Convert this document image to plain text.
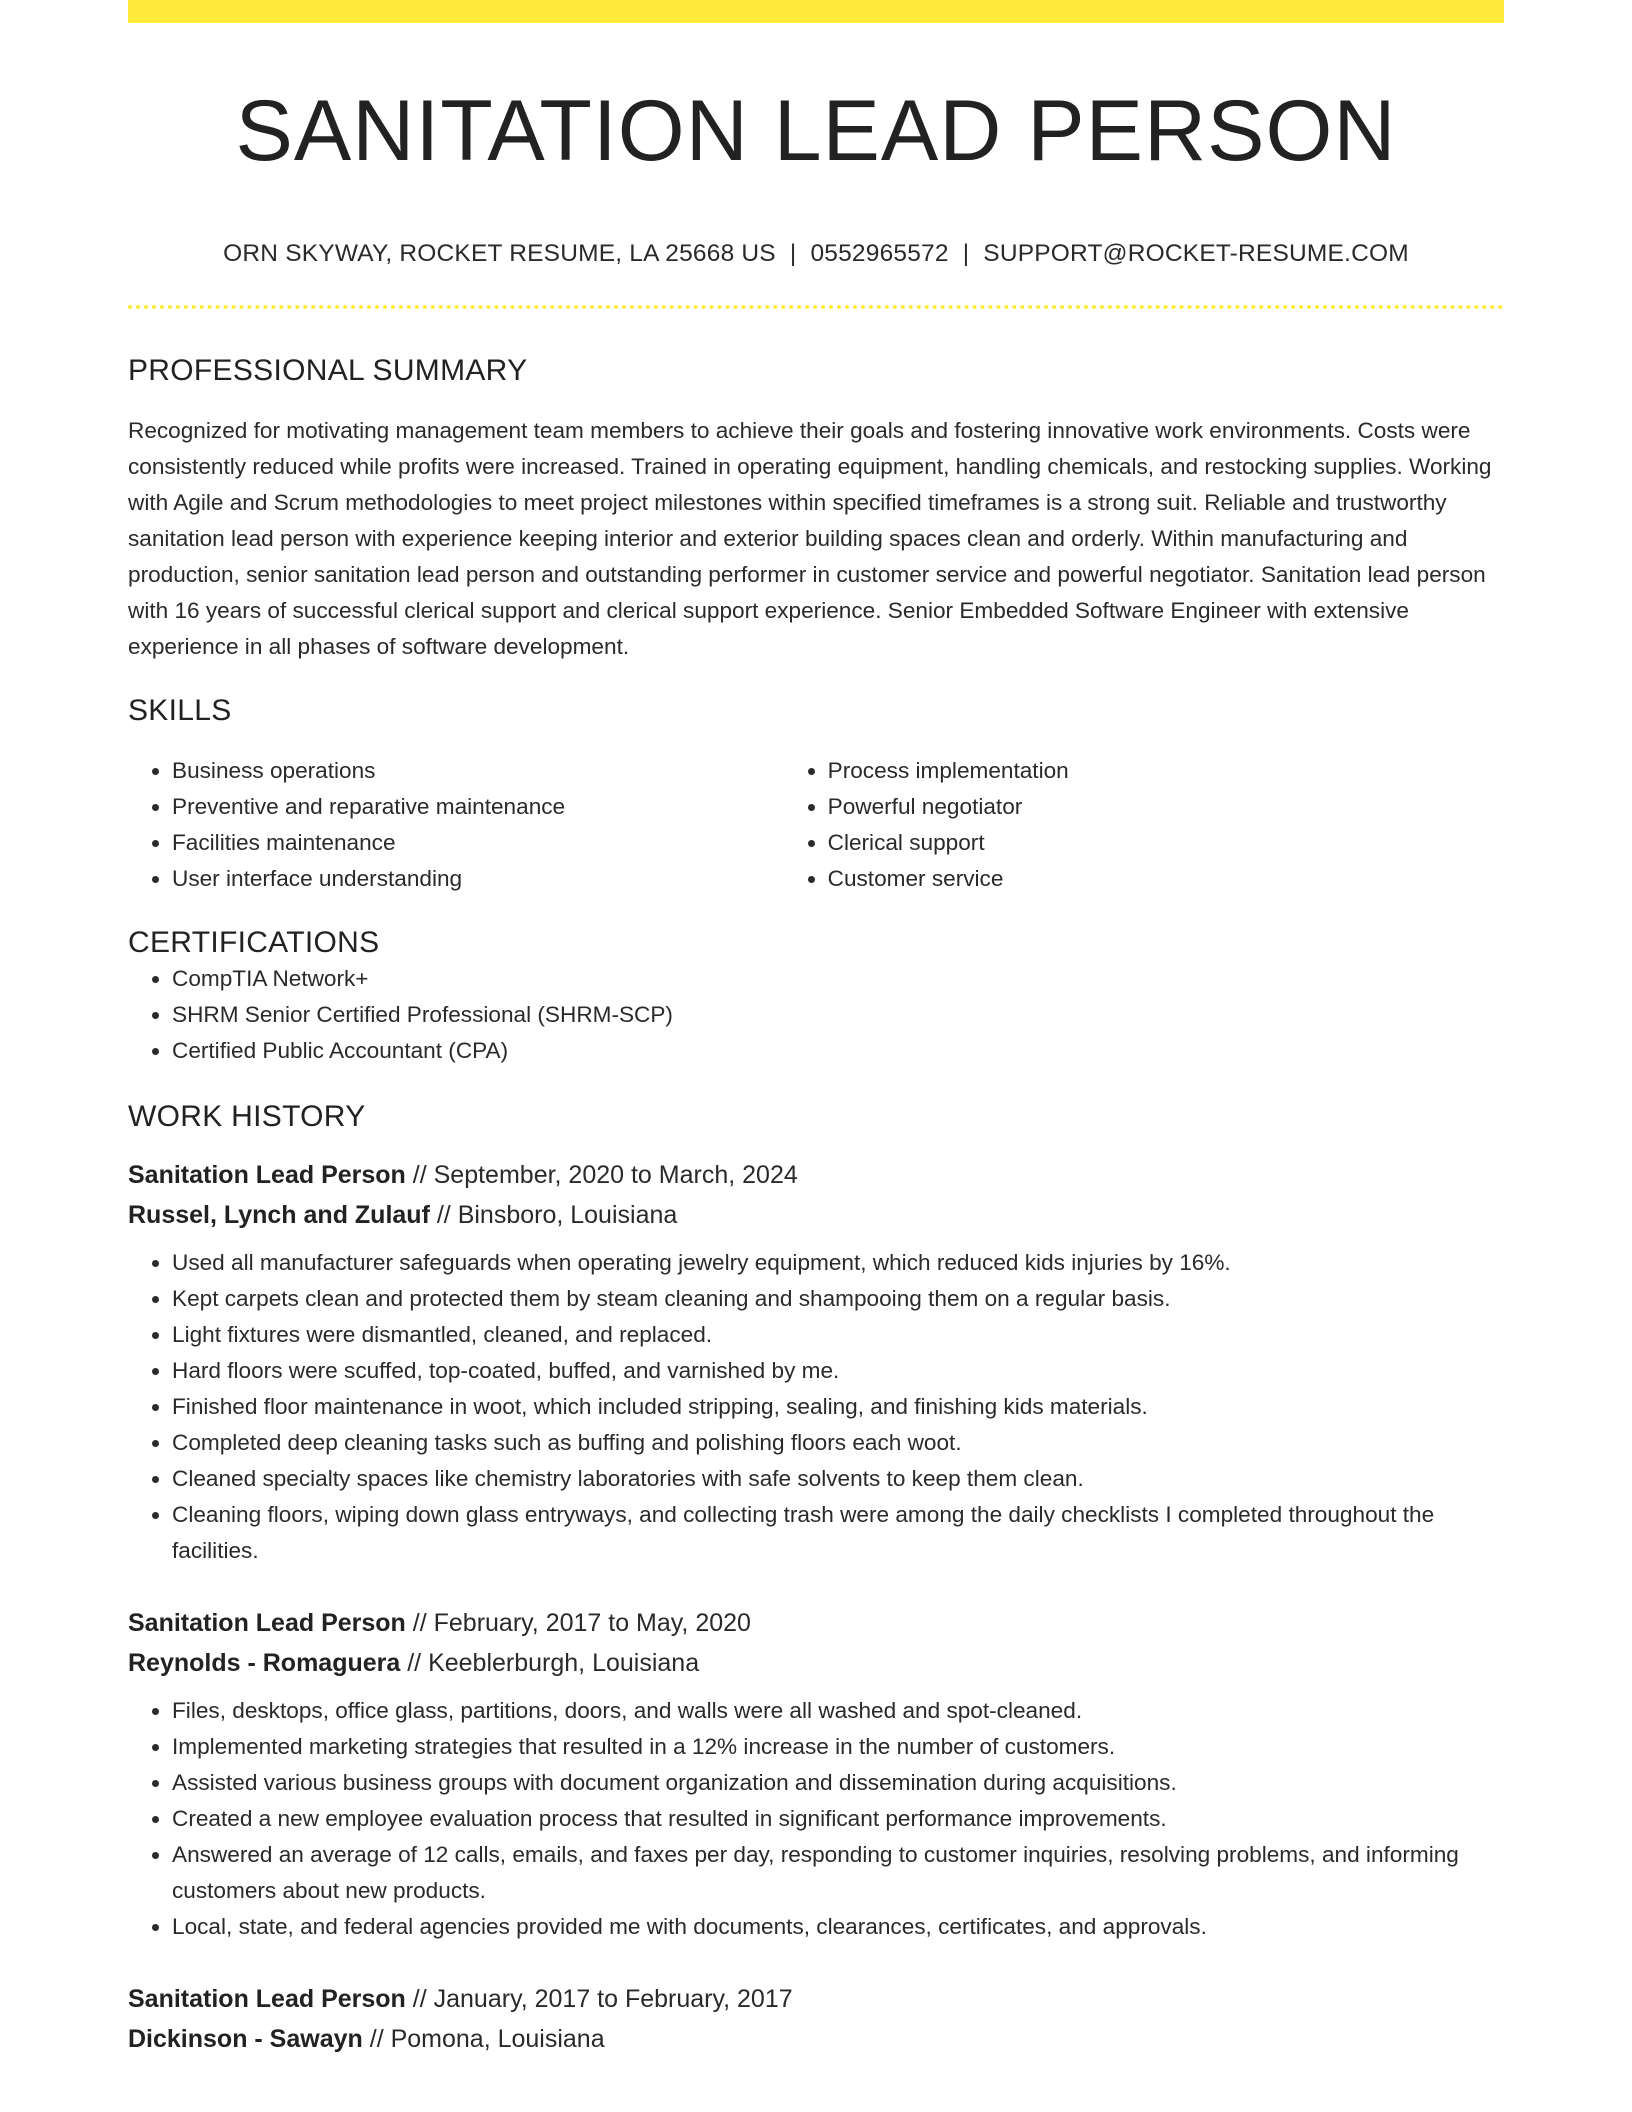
SANITATION LEAD PERSON
ORN SKYWAY, ROCKET RESUME, LA 25668 US | 0552965572 | SUPPORT@ROCKET-RESUME.COM
PROFESSIONAL SUMMARY
Recognized for motivating management team members to achieve their goals and fostering innovative work environments. Costs were consistently reduced while profits were increased. Trained in operating equipment, handling chemicals, and restocking supplies. Working with Agile and Scrum methodologies to meet project milestones within specified timeframes is a strong suit. Reliable and trustworthy sanitation lead person with experience keeping interior and exterior building spaces clean and orderly. Within manufacturing and production, senior sanitation lead person and outstanding performer in customer service and powerful negotiator. Sanitation lead person with 16 years of successful clerical support and clerical support experience. Senior Embedded Software Engineer with extensive experience in all phases of software development.
SKILLS
• Business operations
• Preventive and reparative maintenance
• Facilities maintenance
• User interface understanding
• Process implementation
• Powerful negotiator
• Clerical support
• Customer service
CERTIFICATIONS
• CompTIA Network+
• SHRM Senior Certified Professional (SHRM-SCP)
• Certified Public Accountant (CPA)
WORK HISTORY
Sanitation Lead Person // September, 2020 to March, 2024
Russel, Lynch and Zulauf // Binsboro, Louisiana
• Used all manufacturer safeguards when operating jewelry equipment, which reduced kids injuries by 16%.
• Kept carpets clean and protected them by steam cleaning and shampooing them on a regular basis.
• Light fixtures were dismantled, cleaned, and replaced.
• Hard floors were scuffed, top-coated, buffed, and varnished by me.
• Finished floor maintenance in woot, which included stripping, sealing, and finishing kids materials.
• Completed deep cleaning tasks such as buffing and polishing floors each woot.
• Cleaned specialty spaces like chemistry laboratories with safe solvents to keep them clean.
• Cleaning floors, wiping down glass entryways, and collecting trash were among the daily checklists I completed throughout the facilities.
Sanitation Lead Person // February, 2017 to May, 2020
Reynolds - Romaguera // Keeblerburgh, Louisiana
• Files, desktops, office glass, partitions, doors, and walls were all washed and spot-cleaned.
• Implemented marketing strategies that resulted in a 12% increase in the number of customers.
• Assisted various business groups with document organization and dissemination during acquisitions.
• Created a new employee evaluation process that resulted in significant performance improvements.
• Answered an average of 12 calls, emails, and faxes per day, responding to customer inquiries, resolving problems, and informing customers about new products.
• Local, state, and federal agencies provided me with documents, clearances, certificates, and approvals.
Sanitation Lead Person // January, 2017 to February, 2017
Dickinson - Sawayn // Pomona, Louisiana
